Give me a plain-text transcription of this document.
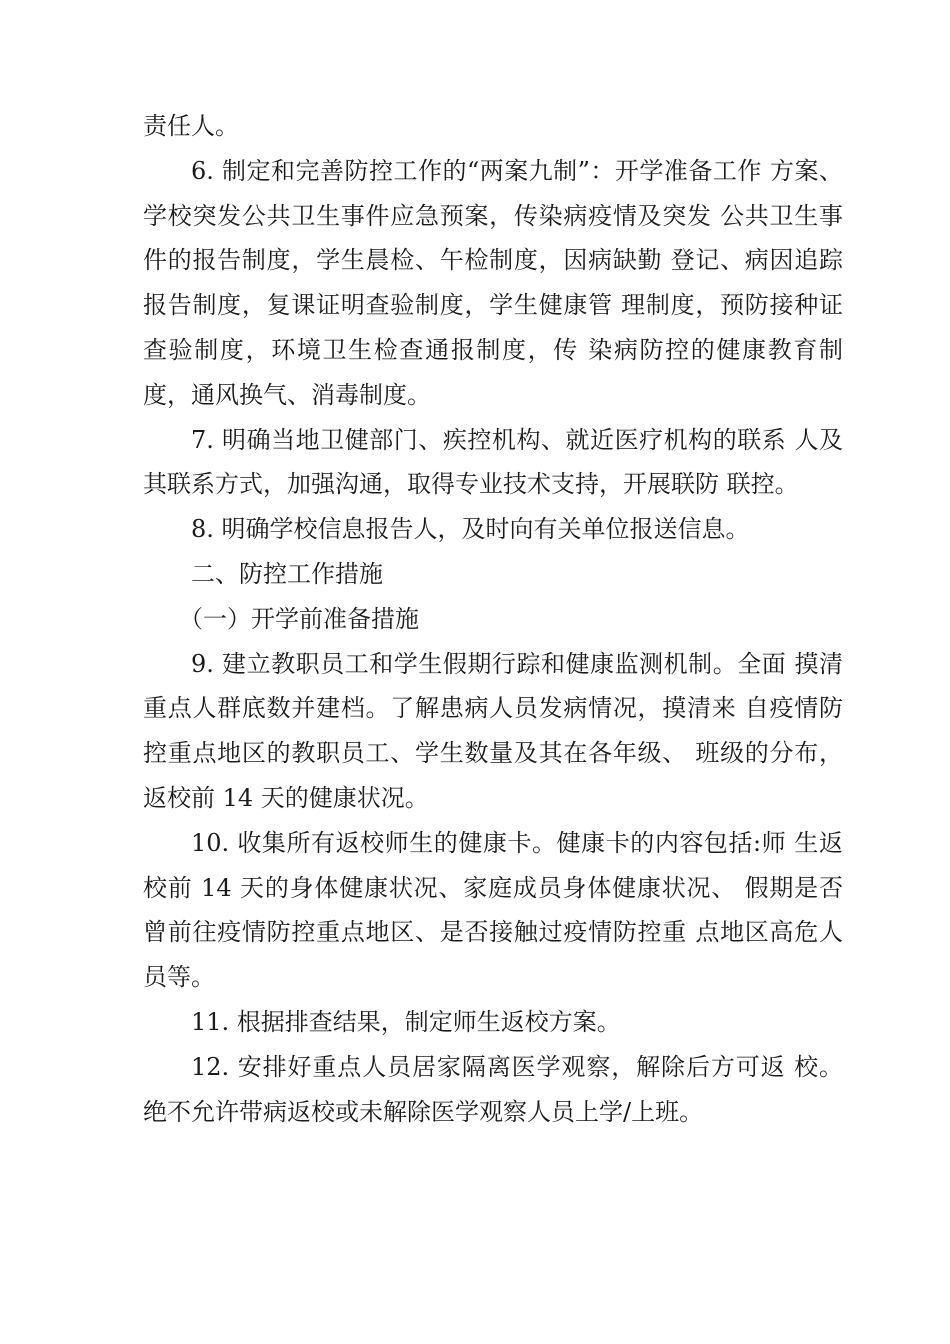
责任人。

6. 制定和完善防控工作的“两案九制”：开学准备工作 方案、学校突发公共卫生事件应急预案，传染病疫情及突发 公共卫生事件的报告制度，学生晨检、午检制度，因病缺勤 登记、病因追踪报告制度，复课证明查验制度，学生健康管 理制度，预防接种证查验制度，环境卫生检查通报制度，传 染病防控的健康教育制度，通风换气、消毒制度。

7. 明确当地卫健部门、疾控机构、就近医疗机构的联系 人及其联系方式，加强沟通，取得专业技术支持，开展联防 联控。

8. 明确学校信息报告人，及时向有关单位报送信息。

二、防控工作措施
（一）开学前准备措施

9. 建立教职员工和学生假期行踪和健康监测机制。全面 摸清重点人群底数并建档。了解患病人员发病情况，摸清来 自疫情防控重点地区的教职员工、学生数量及其在各年级、 班级的分布，返校前 14 天的健康状况。

10. 收集所有返校师生的健康卡。健康卡的内容包括:师 生返校前 14 天的身体健康状况、家庭成员身体健康状况、 假期是否曾前往疫情防控重点地区、是否接触过疫情防控重 点地区高危人员等。

11. 根据排查结果，制定师生返校方案。

12. 安排好重点人员居家隔离医学观察，解除后方可返 校。绝不允许带病返校或未解除医学观察人员上学/上班。
